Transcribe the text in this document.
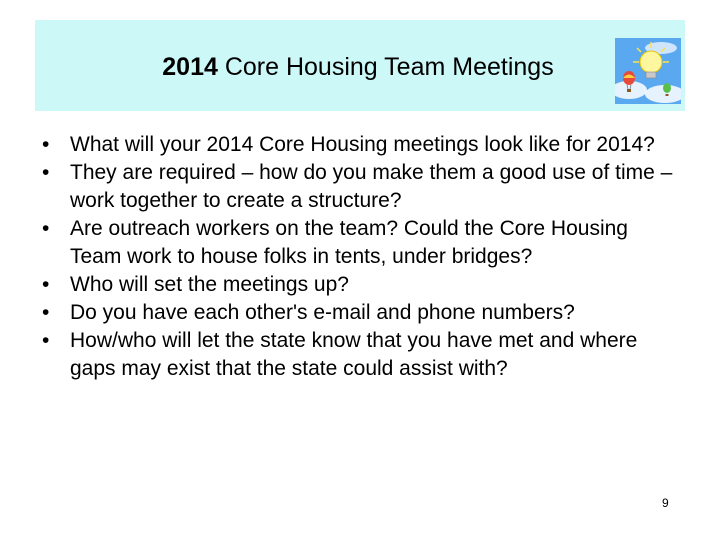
2014 Core Housing Team Meetings
• What will your 2014 Core Housing meetings look like for 2014?
• They are required – how do you make them a good use of time – work together to create a structure?
• Are outreach workers on the team? Could the Core Housing Team work to house folks in tents, under bridges?
• Who will set the meetings up?
• Do you have each other's e-mail and phone numbers?
• How/who will let the state know that you have met and where gaps may exist that the state could assist with?
9
